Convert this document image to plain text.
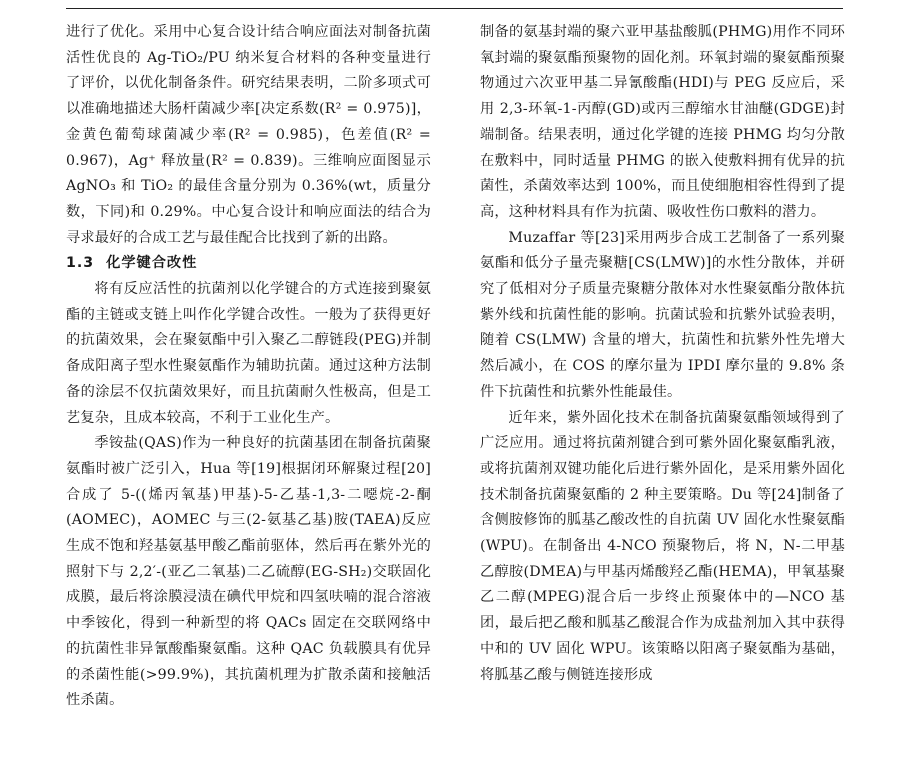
进行了优化。采用中心复合设计结合响应面法对制备抗菌活性优良的 Ag-TiO₂/PU 纳米复合材料的各种变量进行了评价，以优化制备条件。研究结果表明，二阶多项式可以准确地描述大肠杆菌减少率[决定系数(R² = 0.975)]，金黄色葡萄球菌减少率(R² = 0.985)，色差值(R² = 0.967)，Ag⁺ 释放量(R² = 0.839)。三维响应面图显示 AgNO₃ 和 TiO₂ 的最佳含量分别为 0.36%(wt，质量分数，下同)和 0.29%。中心复合设计和响应面法的结合为寻求最好的合成工艺与最佳配合比找到了新的出路。

1.3 化学键合改性

将有反应活性的抗菌剂以化学键合的方式连接到聚氨酯的主链或支链上叫作化学键合改性。一般为了获得更好的抗菌效果，会在聚氨酯中引入聚乙二醇链段(PEG)并制备成阳离子型水性聚氨酯作为辅助抗菌。通过这种方法制备的涂层不仅抗菌效果好，而且抗菌耐久性极高，但是工艺复杂，且成本较高，不利于工业化生产。

季铵盐(QAS)作为一种良好的抗菌基团在制备抗菌聚氨酯时被广泛引入，Hua 等[19]根据闭环解聚过程[20]合成了 5-((烯丙氧基)甲基)-5-乙基-1,3-二噁烷-2-酮(AOMEC)，AOMEC 与三(2-氨基乙基)胺(TAEA)反应生成不饱和羟基氨基甲酸乙酯前驱体，然后再在紫外光的照射下与 2,2′-(亚乙二氧基)二乙硫醇(EG-SH₂)交联固化成膜，最后将涂膜浸渍在碘代甲烷和四氢呋喃的混合溶液中季铵化，得到一种新型的将 QACs 固定在交联网络中的抗菌性非异氰酸酯聚氨酯。这种 QAC 负载膜具有优异的杀菌性能(>99.9%)，其抗菌机理为扩散杀菌和接触活性杀菌。

制备的氨基封端的聚六亚甲基盐酸胍(PHMG)用作不同环氧封端的聚氨酯预聚物的固化剂。环氧封端的聚氨酯预聚物通过六次亚甲基二异氰酸酯(HDI)与 PEG 反应后，采用 2,3-环氧-1-丙醇(GD)或丙三醇缩水甘油醚(GDGE)封端制备。结果表明，通过化学键的连接 PHMG 均匀分散在敷料中，同时适量 PHMG 的嵌入使敷料拥有优异的抗菌性，杀菌效率达到 100%，而且使细胞相容性得到了提高，这种材料具有作为抗菌、吸收性伤口敷料的潜力。

Muzaffar 等[23]采用两步合成工艺制备了一系列聚氨酯和低分子量壳聚糖[CS(LMW)]的水性分散体，并研究了低相对分子质量壳聚糖分散体对水性聚氨酯分散体抗紫外线和抗菌性能的影响。抗菌试验和抗紫外试验表明，随着 CS(LMW) 含量的增大，抗菌性和抗紫外性先增大然后减小，在 COS 的摩尔量为 IPDI 摩尔量的 9.8% 条件下抗菌性和抗紫外性能最佳。

近年来，紫外固化技术在制备抗菌聚氨酯领域得到了广泛应用。通过将抗菌剂键合到可紫外固化聚氨酯乳液，或将抗菌剂双键功能化后进行紫外固化，是采用紫外固化技术制备抗菌聚氨酯的 2 种主要策略。Du 等[24]制备了含侧胺修饰的胍基乙酸改性的自抗菌 UV 固化水性聚氨酯(WPU)。在制备出 4-NCO 预聚物后，将 N，N-二甲基乙醇胺(DMEA)与甲基丙烯酸羟乙酯(HEMA)，甲氧基聚乙二醇(MPEG)混合后一步终止预聚体中的—NCO 基团，最后把乙酸和胍基乙酸混合作为成盐剂加入其中获得中和的 UV 固化 WPU。该策略以阳离子聚氨酯为基础，将胍基乙酸与侧链连接形成
